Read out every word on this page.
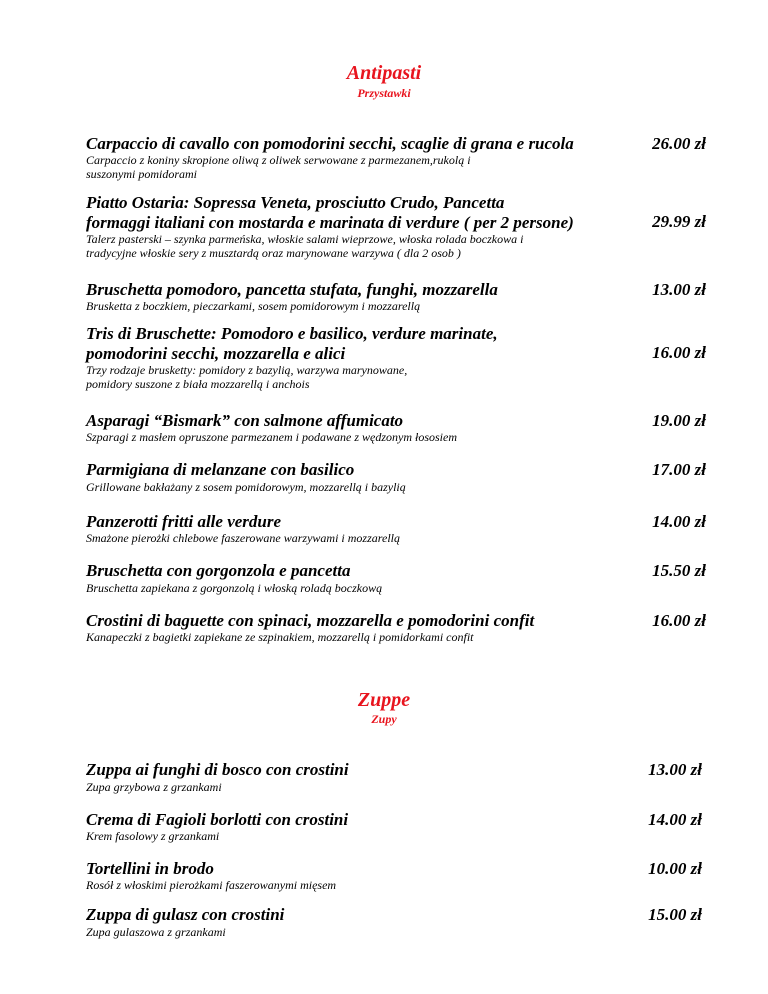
Antipasti
Przystawki
Carpaccio di cavallo con pomodorini secchi, scaglie di grana e rucola
Carpaccio z koniny skropione oliwą z oliwek serwowane z parmezanem,rukolą i
suszonymi pomidorami
26.00 zł
Piatto Ostaria: Sopressa Veneta, prosciutto Crudo, Pancetta
formaggi italiani con mostarda e marinata di verdure ( per 2 persone)
Talerz pasterski – szynka parmeńska, włoskie salami wieprzowe, włoska rolada boczkowa i
tradycyjne włoskie sery z musztardą oraz marynowane warzywa ( dla 2 osob )
29.99 zł
Bruschetta pomodoro, pancetta stufata, funghi, mozzarella
Brusketta z boczkiem, pieczarkami, sosem pomidorowym i mozzarellą
13.00 zł
Tris di Bruschette: Pomodoro e basilico, verdure marinate,
pomodorini secchi, mozzarella e alici
Trzy rodzaje brusketty: pomidory z bazylią, warzywa marynowane,
pomidory suszone z biała mozzarellą i anchois
16.00 zł
Asparagi “Bismark” con salmone affumicato
Szparagi z masłem opruszone parmezanem i podawane z wędzonym łososiem
19.00 zł
Parmigiana di melanzane con basilico
Grillowane bakłażany z sosem pomidorowym, mozzarellą i bazylią
17.00 zł
Panzerotti fritti alle verdure
Smażone pierożki chlebowe faszerowane warzywami i mozzarellą
14.00 zł
Bruschetta con gorgonzola e pancetta
Bruschetta zapiekana z gorgonzolą i włoską roladą boczkową
15.50 zł
Crostini di baguette con spinaci, mozzarella e pomodorini confit
Kanapeczki z bagietki zapiekane ze szpinakiem, mozzarellą i pomidorkami confit
16.00 zł
Zuppe
Zupy
Zuppa ai funghi di bosco con crostini
Zupa grzybowa z grzankami
13.00 zł
Crema di Fagioli borlotti con crostini
Krem fasolowy z grzankami
14.00 zł
Tortellini in brodo
Rosół z włoskimi pierożkami faszerowanymi mięsem
10.00 zł
Zuppa di gulasz con crostini
Zupa gulaszowa z grzankami
15.00 zł
